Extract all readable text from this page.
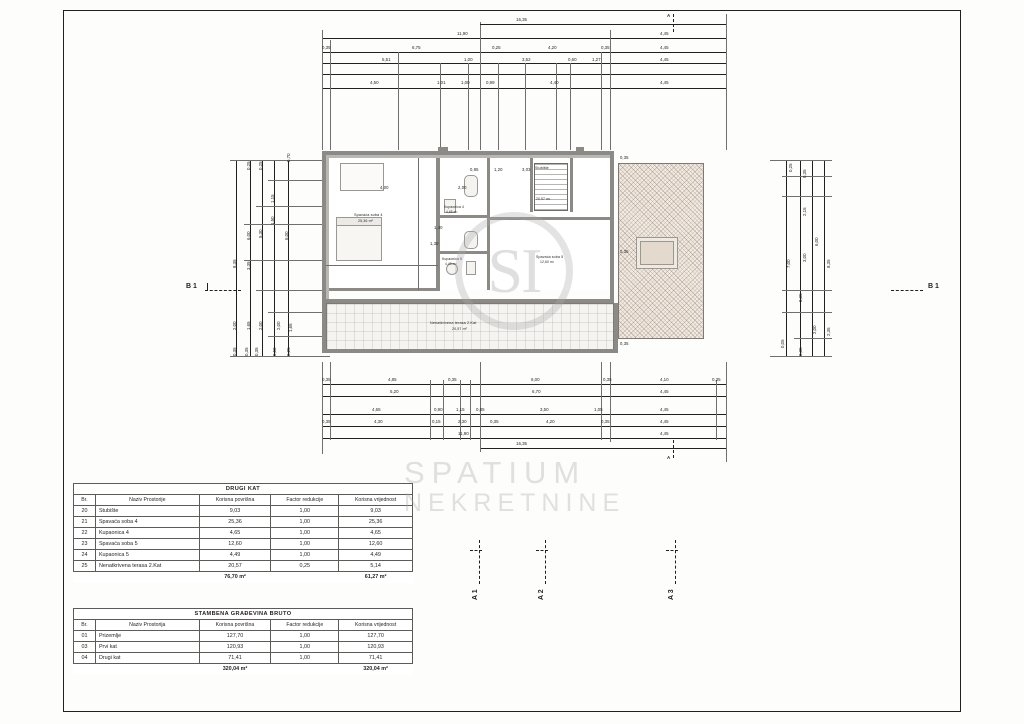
16,35
A
11,90	4,45
0,35	6,75	0,25	4,20	0,35	4,45
5,51	1,00	3,52	0,60	1,27	4,45
4,50	1,01	1,00	0,99	4,40	4,45
8,35
6,00	6,00
5,30
3,35
1,50
1,15
0,70
0,25
0,25
2,00 1,65 2,00
0,35 0,35 0,35
1,65
2,00
0,50 0,25
B 1
8,35
7,00
6,00
3,00
2,15
0,35
0,25
2,35
2,00
0,35
0,35
0,05
B 1
Spavaća soba 4
25,36 m²
Kupaonica 4
4,65 m²
Kupaonica 5
4,49 m²
Spavaća soba 5
12,60 m²
Stubište
20,57 m²
Nenatkrivena terasa 2.Kat
20,57 m²
4,00
0,85	1,20	3,03
1,40
1,30
2,00
0,35
0,35
0,35
0,35	4,85	0,35	6,00	0,35	4,10	0,35
5,20	6,70	4,45
4,65	0,90	1,15	0,85	3,50	1,05	4,45
0,35	4,30	0,15	2,30	0,35	4,20	0,35	4,45
11,90	4,45
16,35
A
A 1	A 2	A 3
DRUGI KAT				
Br.	Naziv Prostorije	Korisna povrišna	Factor redukcije	Korisna vrijednost
20	Stubište	9,03	1,00	9,03
21	Spavaća soba 4	25,36	1,00	25,36
22	Kupaonica 4	4,65	1,00	4,65
23	Spavaća soba 5	12,60	1,00	12,60
24	Kupaonica 5	4,49	1,00	4,49
25	Nenatkrivena terasa 2.Kat	20,57	0,25	5,14
		76,70 m²		61,27 m²
STAMBENA GRAĐEVINA BRUTO				
Br.	Naziv Prostorija	Korisna povrišna	Factor redukcije	Korisna vrijednost
01	Prizemlje	127,70	1,00	127,70
03	Prvi kat	120,93	1,00	120,93
04	Drugi kat	71,41	1,00	71,41
		320,04 m²		320,04 m²
SI
SPATIUM
NEKRETNINE
